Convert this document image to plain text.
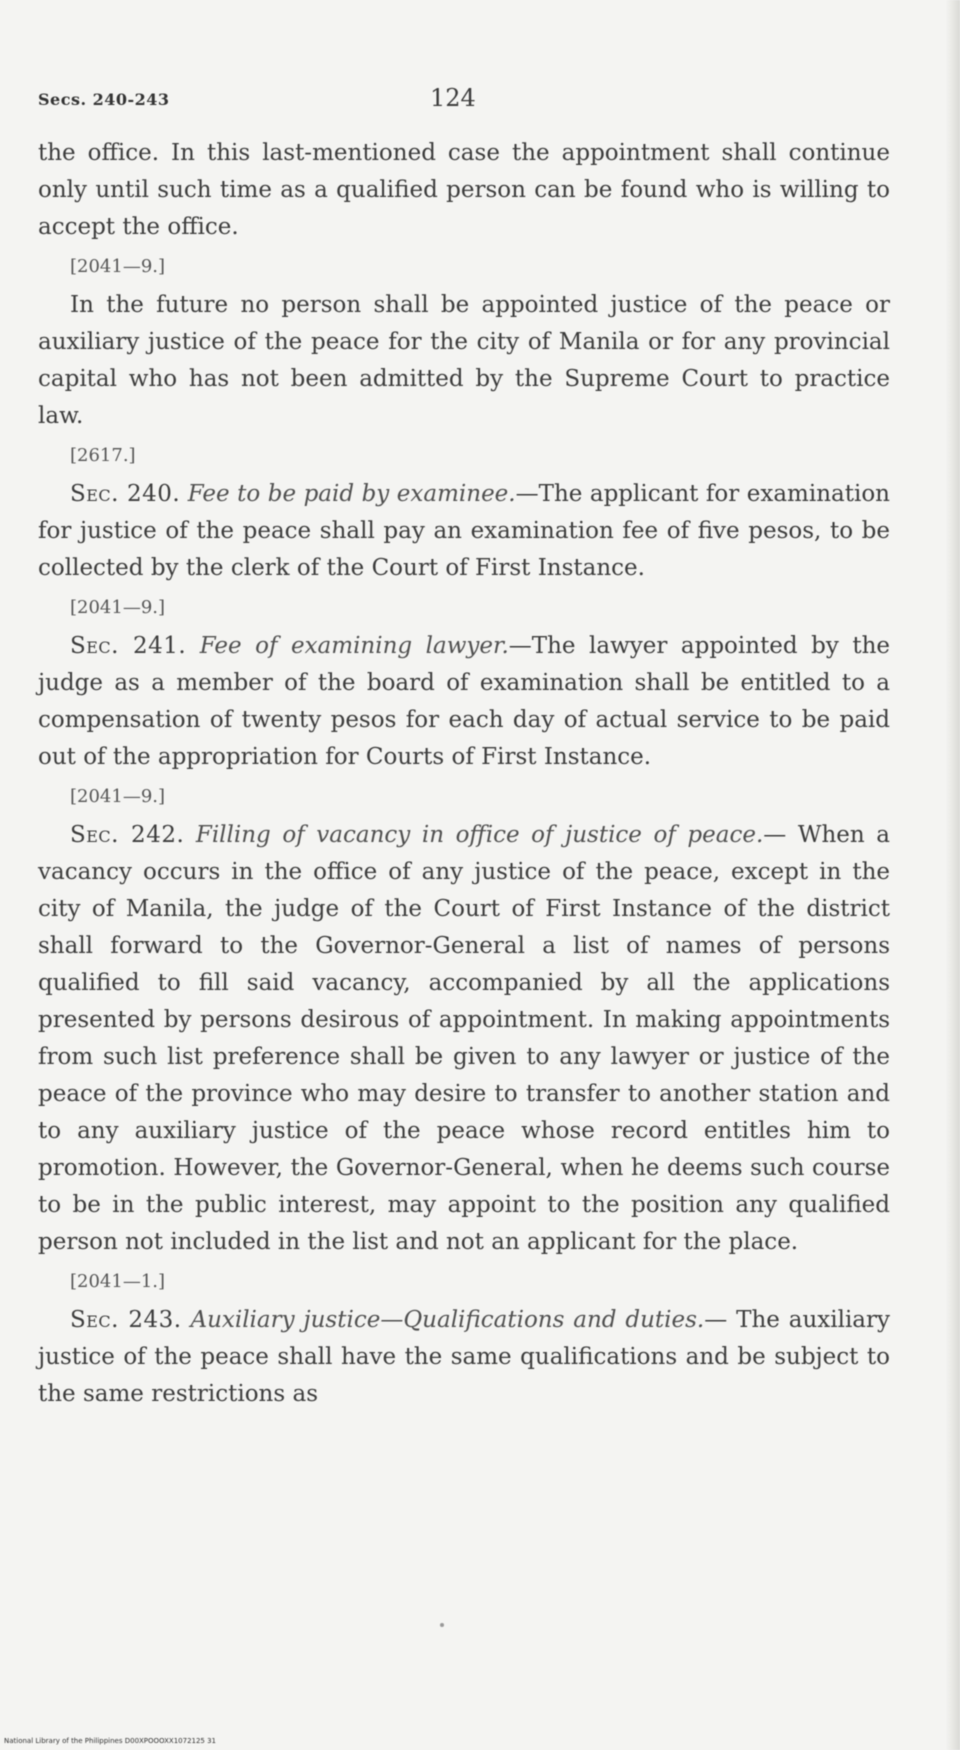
Secs. 240-243	124

the office. In this last-mentioned case the appointment shall continue only until such time as a qualified person can be found who is willing to accept the office.

[2041—9.]

In the future no person shall be appointed justice of the peace or auxiliary justice of the peace for the city of Manila or for any provincial capital who has not been admitted by the Supreme Court to practice law.

[2617.]

Sec. 240. Fee to be paid by examinee.—The applicant for examination for justice of the peace shall pay an examination fee of five pesos, to be collected by the clerk of the Court of First Instance.

[2041—9.]

Sec. 241. Fee of examining lawyer.—The lawyer appointed by the judge as a member of the board of examination shall be entitled to a compensation of twenty pesos for each day of actual service to be paid out of the appropriation for Courts of First Instance.

[2041—9.]

Sec. 242. Filling of vacancy in office of justice of peace.— When a vacancy occurs in the office of any justice of the peace, except in the city of Manila, the judge of the Court of First Instance of the district shall forward to the Governor-General a list of names of persons qualified to fill said vacancy, accompanied by all the applications presented by persons desirous of appointment. In making appointments from such list preference shall be given to any lawyer or justice of the peace of the province who may desire to transfer to another station and to any auxiliary justice of the peace whose record entitles him to promotion. However, the Governor-General, when he deems such course to be in the public interest, may appoint to the position any qualified person not included in the list and not an applicant for the place.

[2041—1.]

Sec. 243. Auxiliary justice—Qualifications and duties.— The auxiliary justice of the peace shall have the same qualifications and be subject to the same restrictions as

National Library of the Philippines D00XPOOOXX1072125 31
